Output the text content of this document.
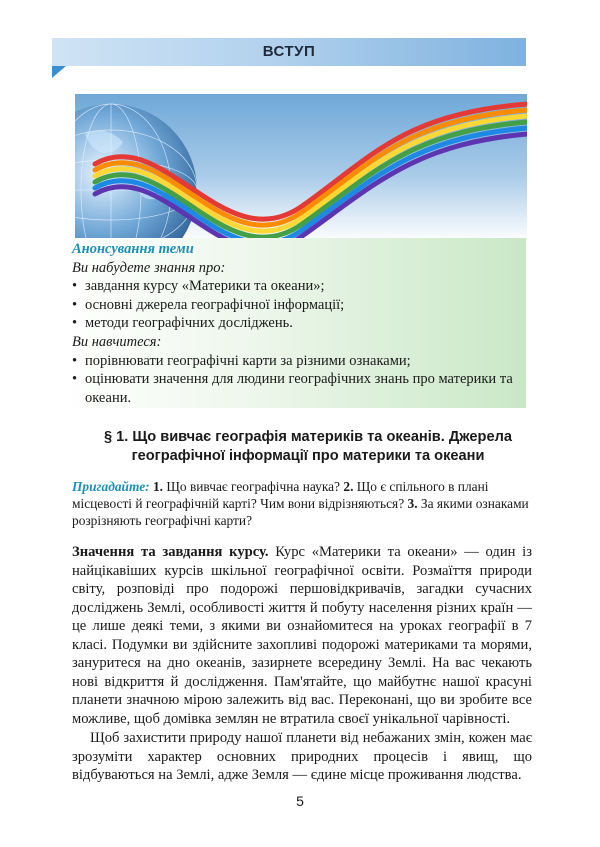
ВСТУП
Анонсування теми
Ви набудете знання про:
• завдання курсу «Материки та океани»;
• основні джерела географічної інформації;
• методи географічних досліджень.
Ви навчитеся:
• порівнювати географічні карти за різними ознаками;
• оцінювати значення для людини географічних знань про материки та океани.
§ 1. Що вивчає географія материків та океанів. Джерела
географічної інформації про материки та океани
Пригадайте: 1. Що вивчає географічна наука? 2. Що є спільного в плані місцевості й географічній карті? Чим вони відрізняються? 3. За якими ознаками розрізняють географічні карти?

Значення та завдання курсу. Курс «Материки та океани» — один із найцікавіших курсів шкільної географічної освіти. Розмаїття природи світу, розповіді про подорожі першовідкривачів, загадки сучасних досліджень Землі, особливості життя й побуту населення різних країн — це лише деякі теми, з якими ви ознайомитеся на уроках географії в 7 класі. Подумки ви здійсните захопливі подорожі материками та морями, зануритеся на дно океанів, зазирнете всередину Землі. На вас чекають нові відкриття й дослідження. Пам'ятайте, що майбутнє нашої красуні планети значною мірою залежить від вас. Переконані, що ви зробите все можливе, щоб домівка землян не втратила своєї унікальної чарівності.

Щоб захистити природу нашої планети від небажаних змін, кожен має зрозуміти характер основних природних процесів і явищ, що відбуваються на Землі, адже Земля — єдине місце проживання людства.

5
